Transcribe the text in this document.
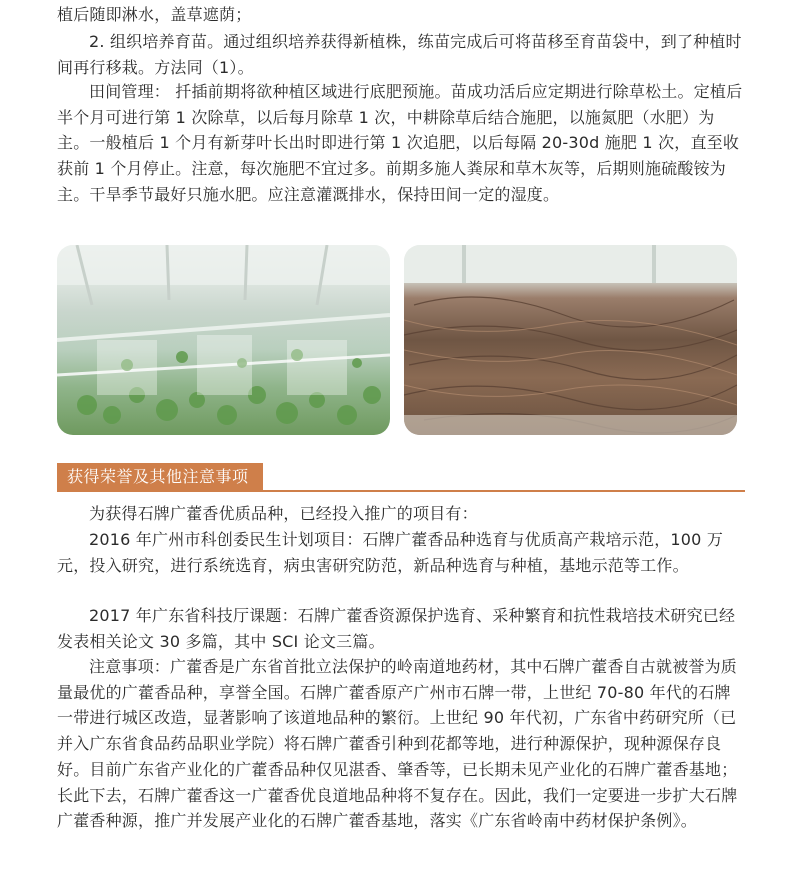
植后随即淋水，盖草遮荫；

2. 组织培养育苗。通过组织培养获得新植株，练苗完成后可将苗移至育苗袋中，到了种植时间再行移栽。方法同（1）。

田间管理： 扦插前期将欲种植区域进行底肥预施。苗成功活后应定期进行除草松土。定植后半个月可进行第 1 次除草，以后每月除草 1 次，中耕除草后结合施肥，以施氮肥（水肥）为主。一般植后 1 个月有新芽叶长出时即进行第 1 次追肥，以后每隔 20-30d 施肥 1 次，直至收获前 1 个月停止。注意，每次施肥不宜过多。前期多施人粪尿和草木灰等，后期则施硫酸铵为主。干旱季节最好只施水肥。应注意灌溉排水，保持田间一定的湿度。

获得荣誉及其他注意事项

为获得石牌广藿香优质品种，已经投入推广的项目有：

2016 年广州市科创委民生计划项目：石牌广藿香品种选育与优质高产栽培示范，100 万元，投入研究，进行系统选育，病虫害研究防范，新品种选育与种植，基地示范等工作。

2017 年广东省科技厅课题：石牌广藿香资源保护选育、采种繁育和抗性栽培技术研究已经发表相关论文 30 多篇，其中 SCI 论文三篇。

注意事项：广藿香是广东省首批立法保护的岭南道地药材，其中石牌广藿香自古就被誉为质量最优的广藿香品种，享誉全国。石牌广藿香原产广州市石牌一带，上世纪 70-80 年代的石牌一带进行城区改造，显著影响了该道地品种的繁衍。上世纪 90 年代初，广东省中药研究所（已并入广东省食品药品职业学院）将石牌广藿香引种到花都等地，进行种源保护，现种源保存良好。目前广东省产业化的广藿香品种仅见湛香、肇香等，已长期未见产业化的石牌广藿香基地；长此下去，石牌广藿香这一广藿香优良道地品种将不复存在。因此，我们一定要进一步扩大石牌广藿香种源，推广并发展产业化的石牌广藿香基地，落实《广东省岭南中药材保护条例》。
